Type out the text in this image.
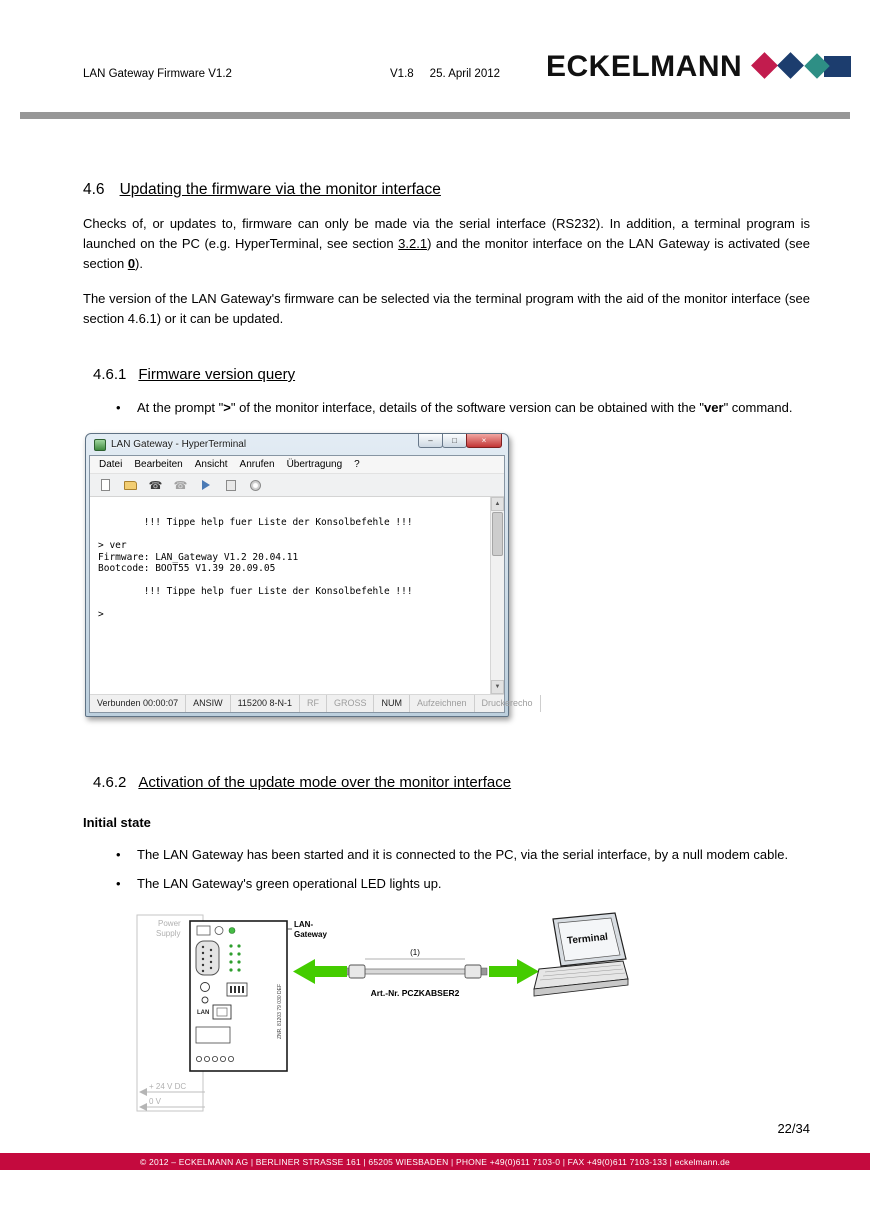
LAN Gateway Firmware V1.2	V1.8 25. April 2012 ECKELMANN
4.6 Updating the firmware via the monitor interface

Checks of, or updates to, firmware can only be made via the serial interface (RS232). In addition, a terminal program is launched on the PC (e.g. HyperTerminal, see section 3.2.1) and the monitor interface on the LAN Gateway is activated (see section 0).

The version of the LAN Gateway's firmware can be selected via the terminal program with the aid of the monitor interface (see section 4.6.1) or it can be updated.

4.6.1 Firmware version query
• At the prompt ">" of the monitor interface, details of the software version can be obtained with the "ver" command.
LAN Gateway - HyperTerminal	–	□	×
Datei	Bearbeiten	Ansicht	Anrufen	Übertragung	?
☎ ☎
!!! Tippe help fuer Liste der Konsolbefehle !!!

> ver
Firmware: LAN_Gateway V1.2 20.04.11
Bootcode: BOOT55 V1.39 20.09.05

!!! Tippe help fuer Liste der Konsolbefehle !!!

>
▲
▼
Verbunden 00:00:07	ANSIW	115200 8-N-1	RF	GROSS	NUM	Aufzeichnen	Druckerecho
4.6.2 Activation of the update mode over the monitor interface
Initial state
• The LAN Gateway has been started and it is connected to the PC, via the serial interface, by a null modem cable.
• The LAN Gateway's green operational LED lights up.
Power
Supply
LAN	ZNR. 81203 79 030 DEF
LAN-
Gateway
(1)
Art.-Nr. PCZKABSER2
Terminal
+ 24 V DC
0 V
22/34
© 2012 – ECKELMANN AG | BERLINER STRASSE 161 | 65205 WIESBADEN | PHONE +49(0)611 7103-0 | FAX +49(0)611 7103-133 | eckelmann.de
